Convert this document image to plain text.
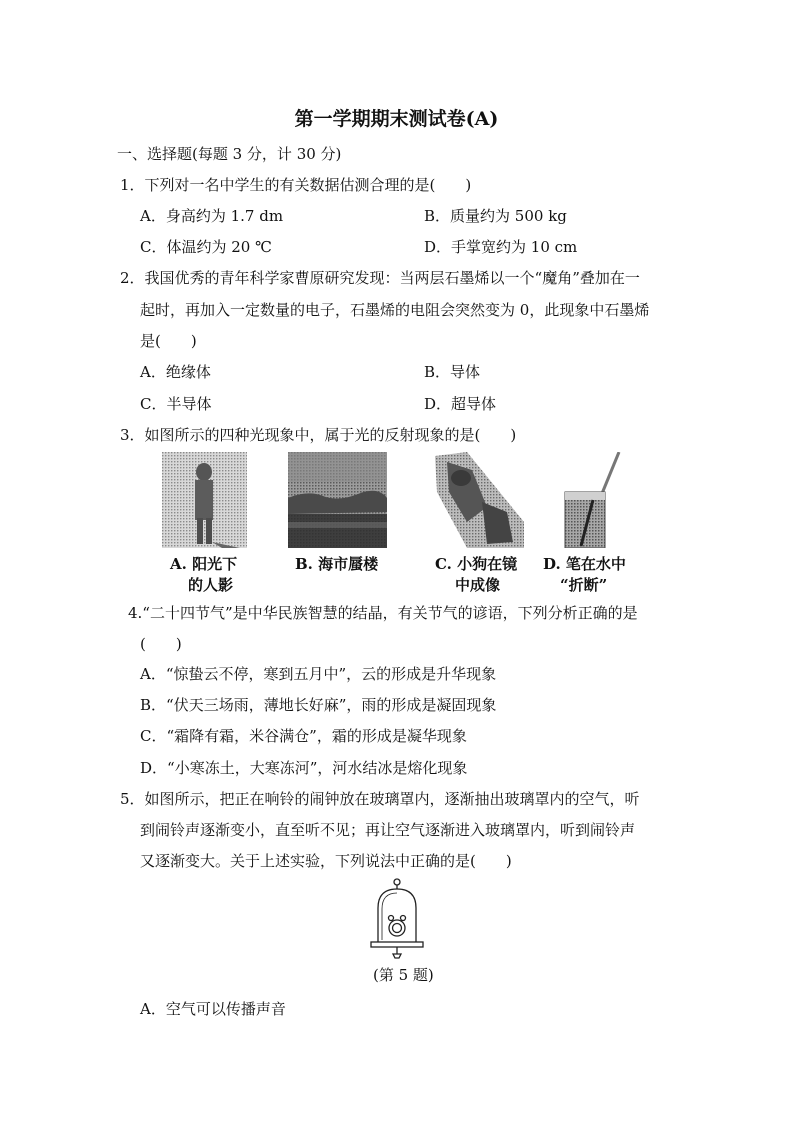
第一学期期末测试卷(A)
一、选择题(每题 3 分，计 30 分)
1．下列对一名中学生的有关数据估测合理的是(　　)
A．身高约为 1.7 dm	B．质量约为 500 kg
C．体温约为 20 ℃	D．手掌宽约为 10 cm
2．我国优秀的青年科学家曹原研究发现：当两层石墨烯以一个“魔角”叠加在一
起时，再加入一定数量的电子，石墨烯的电阻会突然变为 0，此现象中石墨烯
是(　　)
A．绝缘体	B．导体
C．半导体	D．超导体
3．如图所示的四种光现象中，属于光的反射现象的是(　　)
A. 阳光下
的人影
B. 海市蜃楼	C. 小狗在镜
中成像
D. 笔在水中
“折断”
4.“二十四节气”是中华民族智慧的结晶，有关节气的谚语，下列分析正确的是
(　　)
A．“惊蛰云不停，寒到五月中”，云的形成是升华现象
B．“伏天三场雨，薄地长好麻”，雨的形成是凝固现象
C．“霜降有霜，米谷满仓”，霜的形成是凝华现象
D．“小寒冻土，大寒冻河”，河水结冰是熔化现象
5．如图所示，把正在响铃的闹钟放在玻璃罩内，逐渐抽出玻璃罩内的空气，听
到闹铃声逐渐变小，直至听不见；再让空气逐渐进入玻璃罩内，听到闹铃声
又逐渐变大。关于上述实验，下列说法中正确的是(　　)
(第 5 题)
A．空气可以传播声音
